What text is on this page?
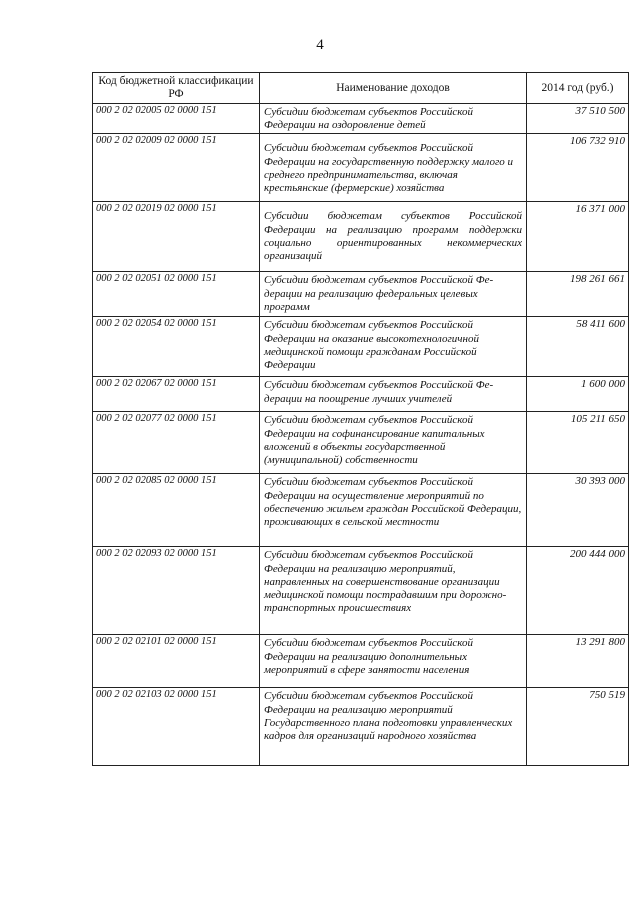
4
Код бюджетной классификации РФ	Наименование доходов	2014 год (руб.)
000 2 02 02005 02 0000 151	Субсидии бюджетам субъектов Российской Федерации на оздоровление детей	37 510 500
000 2 02 02009 02 0000 151	Субсидии бюджетам субъектов Российской Федерации на государственную поддержку малого и среднего предпринимательства, включая крестьянские (фермерские) хозяйства	106 732 910
000 2 02 02019 02 0000 151	Субсидии бюджетам субъектов Российской Федерации на реализацию программ поддержки социально ориентированных некоммерческих организаций	16 371 000
000 2 02 02051 02 0000 151	Субсидии бюджетам субъектов Российской Фе-дерации на реализацию федеральных целевых программ	198 261 661
000 2 02 02054 02 0000 151	Субсидии бюджетам субъектов Российской Федерации на оказание высокотехнологичной медицинской помощи гражданам Российской Федерации	58 411 600
000 2 02 02067 02 0000 151	Субсидии бюджетам субъектов Российской Фе-дерации на поощрение лучших учителей	1 600 000
000 2 02 02077 02 0000 151	Субсидии бюджетам субъектов Российской Федерации на софинансирование капитальных вложений в объекты государственной (муниципальной) собственности	105 211 650
000 2 02 02085 02 0000 151	Субсидии бюджетам субъектов Российской Федерации на осуществление мероприятий по обеспечению жильем граждан Российской Федерации, проживающих в сельской местности	30 393 000
000 2 02 02093 02 0000 151	Субсидии бюджетам субъектов Российской Федерации на реализацию мероприятий, направленных на совершенствование организации медицинской помощи пострадавшим при дорожно-транспортных происшествиях	200 444 000
000 2 02 02101 02 0000 151	Субсидии бюджетам субъектов Российской Федерации на реализацию дополнительных мероприятий в сфере занятости населения	13 291 800
000 2 02 02103 02 0000 151	Субсидии бюджетам субъектов Российской Федерации на реализацию мероприятий Государственного плана подготовки управленческих кадров для организаций народного хозяйства	750 519
